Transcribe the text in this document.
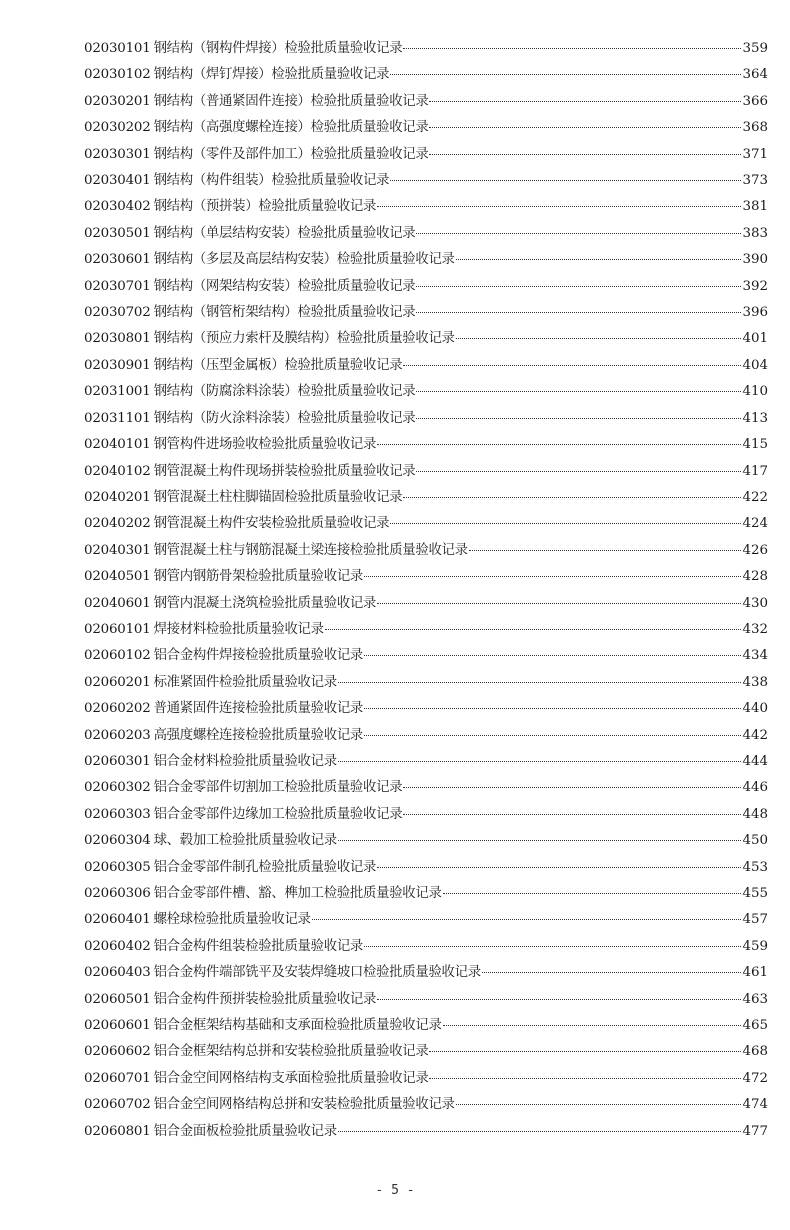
02030101 钢结构（钢构件焊接）检验批质量验收记录	359
02030102 钢结构（焊钉焊接）检验批质量验收记录	364
02030201 钢结构（普通紧固件连接）检验批质量验收记录	366
02030202 钢结构（高强度螺栓连接）检验批质量验收记录	368
02030301 钢结构（零件及部件加工）检验批质量验收记录	371
02030401 钢结构（构件组装）检验批质量验收记录	373
02030402 钢结构（预拼装）检验批质量验收记录	381
02030501 钢结构（单层结构安装）检验批质量验收记录	383
02030601 钢结构（多层及高层结构安装）检验批质量验收记录	390
02030701 钢结构（网架结构安装）检验批质量验收记录	392
02030702 钢结构（钢管桁架结构）检验批质量验收记录	396
02030801 钢结构（预应力索杆及膜结构）检验批质量验收记录	401
02030901 钢结构（压型金属板）检验批质量验收记录	404
02031001 钢结构（防腐涂料涂装）检验批质量验收记录	410
02031101 钢结构（防火涂料涂装）检验批质量验收记录	413
02040101 钢管构件进场验收检验批质量验收记录	415
02040102 钢管混凝土构件现场拼装检验批质量验收记录	417
02040201 钢管混凝土柱柱脚锚固检验批质量验收记录	422
02040202 钢管混凝土构件安装检验批质量验收记录	424
02040301 钢管混凝土柱与钢筋混凝土梁连接检验批质量验收记录	426
02040501 钢管内钢筋骨架检验批质量验收记录	428
02040601 钢管内混凝土浇筑检验批质量验收记录	430
02060101 焊接材料检验批质量验收记录	432
02060102 铝合金构件焊接检验批质量验收记录	434
02060201 标准紧固件检验批质量验收记录	438
02060202 普通紧固件连接检验批质量验收记录	440
02060203 高强度螺栓连接检验批质量验收记录	442
02060301 铝合金材料检验批质量验收记录	444
02060302 铝合金零部件切割加工检验批质量验收记录	446
02060303 铝合金零部件边缘加工检验批质量验收记录	448
02060304 球、毂加工检验批质量验收记录	450
02060305 铝合金零部件制孔检验批质量验收记录	453
02060306 铝合金零部件槽、豁、榫加工检验批质量验收记录	455
02060401 螺栓球检验批质量验收记录	457
02060402 铝合金构件组装检验批质量验收记录	459
02060403 铝合金构件端部铣平及安装焊缝坡口检验批质量验收记录	461
02060501 铝合金构件预拼装检验批质量验收记录	463
02060601 铝合金框架结构基础和支承面检验批质量验收记录	465
02060602 铝合金框架结构总拼和安装检验批质量验收记录	468
02060701 铝合金空间网格结构支承面检验批质量验收记录	472
02060702 铝合金空间网格结构总拼和安装检验批质量验收记录	474
02060801 铝合金面板检验批质量验收记录	477
- 5 -
